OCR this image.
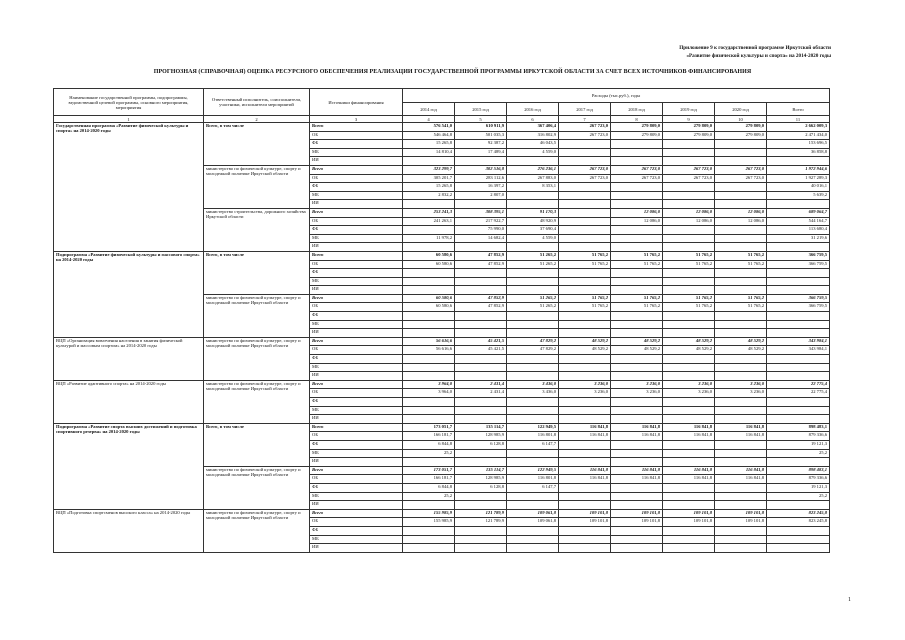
Приложение 9 к государственной программе Иркутской области
«Развитие физической культуры и спорта» на 2014-2020 годы
ПРОГНОЗНАЯ (СПРАВОЧНАЯ) ОЦЕНКА РЕСУРСНОГО ОБЕСПЕЧЕНИЯ РЕАЛИЗАЦИИ ГОСУДАРСТВЕННОЙ ПРОГРАММЫ ИРКУТСКОЙ ОБЛАСТИ ЗА СЧЕТ ВСЕХ ИСТОЧНИКОВ ФИНАНСИРОВАНИЯ
Наименование государственной программы, подпрограммы, ведомственной целевой программы, основного мероприятия, мероприятия	Ответственный исполнитель, соисполнители, участники, исполнители мероприятий	Источники финансирования	Расходы (тыс.руб.), годы							
			2014 год	2015 год	2016 год	2017 год	2018 год	2019 год	2020 год	Всего
1	2	3	4	5	6	7	8	9	10	11
Государственная программа «Развитие физической культуры и спорта» на 2014-2020 годы	Всего, в том числе	Всего	576 541,0	610 911,9	367 406,4	267 723,0	279 809,0	279 809,0	279 809,0	2 662 009,3
		ОБ	546 464,8	501 035,3	316 802,9	267 723,0	279 809,0	279 809,0	279 809,0	2 471 434,0
		ФБ	15 265,8	92 387,2	46 043,5					153 696,5
		МБ	14 810,4	17 489,4	4 559,0					36 858,8
		ИИ								
	министерство по физической культуре, спорту и молодежной политике Иркутской области	Всего	323 299,7	302 516,8	276 236,1	267 723,0	267 723,0	267 723,0	267 723,0	1 972 944,6
		ОБ	305 201,7	283 112,6	267 883,0	267 723,0	267 723,0	267 723,0	267 723,0	1 927 289,3
		ФБ	15 265,8	16 397,2	8 353,1					40 016,1
		МБ	2 832,2	2 807,0						5 639,2
		ИИ								
	министерство строительства, дорожного хозяйства Иркутской области	Всего	253 241,3	308 395,1	91 170,3		12 086,0	12 086,0	12 086,0	689 064,7
		ОБ	241 263,1	217 922,7	48 920,9		12 086,0	12 086,0	12 086,0	544 164,7
		ФБ		75 990,0	37 690,4					113 680,4
		МБ	11 978,2	14 682,4	4 559,0					31 219,6
		ИИ								
Подпрограмма «Развитие физической культуры и массового спорта» на 2014-2020 годы	Всего, в том числе	Всего	60 580,6	47 852,9	51 265,2	51 765,2	51 765,2	51 765,2	51 765,2	366 759,5
		ОБ	60 580,6	47 852,9	51 265,2	51 765,2	51 765,2	51 765,2	51 765,2	366 759,5
		ФБ								
		МБ								
		ИИ								
	министерство по физической культуре, спорту и молодежной политике Иркутской области	Всего	60 580,6	47 852,9	51 265,2	51 765,2	51 765,2	51 765,2	51 765,2	366 759,5
		ОБ	60 580,6	47 852,9	51 265,2	51 765,2	51 765,2	51 765,2	51 765,2	366 759,5
		ФБ								
		МБ								
		ИИ								
ВЦП «Организация вовлечения населения в занятия физической культурой и массовым спортом» на 2014-2020 годы	министерство по физической культуре, спорту и молодежной политике Иркутской области	Всего	56 616,6	45 421,5	47 829,2	48 529,2	48 529,2	48 529,2	48 529,2	343 984,1
		ОБ	56 616,6	45 421,5	47 829,2	48 529,2	48 529,2	48 529,2	48 529,2	343 984,1
		ФБ								
		МБ								
		ИИ								
ВЦП «Развитие адаптивного спорта» на 2014-2020 годы	министерство по физической культуре, спорту и молодежной политике Иркутской области	Всего	3 964,0	2 431,4	3 436,0	3 236,0	3 236,0	3 236,0	3 236,0	22 775,4
		ОБ	3 964,0	2 431,4	3 436,0	3 236,0	3 236,0	3 236,0	3 236,0	22 775,4
		ФБ								
		МБ								
		ИИ								
Подпрограмма «Развитие спорта высших достижений и подготовка спортивного резерва» на 2014-2020 годы	Всего, в том числе	Всего	173 051,7	135 114,7	122 949,5	116 841,8	116 841,8	116 841,8	116 841,8	898 483,1
		ОБ	166 181,7	128 985,9	116 801,8	116 841,8	116 841,8	116 841,8	116 841,8	879 336,6
		ФБ	6 844,8	6 128,8	6 147,7					19 121,3
		МБ	25,2							25,2
		ИИ								
	министерство по физической культуре, спорту и молодежной политике Иркутской области	Всего	173 051,7	135 114,7	122 949,5	116 841,8	116 841,8	116 841,8	116 841,8	898 483,1
		ОБ	166 181,7	128 985,9	116 801,8	116 841,8	116 841,8	116 841,8	116 841,8	879 336,6
		ФБ	6 844,8	6 128,8	6 147,7					19 121,3
		МБ	25,2							25,2
		ИИ								
ВЦП «Подготовка спортсменов высокого класса» на 2014-2020 годы	министерство по физической культуре, спорту и молодежной политике Иркутской области	Всего	155 985,9	121 789,9	109 061,8	109 101,8	109 101,8	109 101,8	109 101,8	823 245,8
		ОБ	155 985,9	121 789,9	109 061,8	109 101,8	109 101,8	109 101,8	109 101,8	823 245,8
		ФБ								
		МБ								
		ИИ								
1
